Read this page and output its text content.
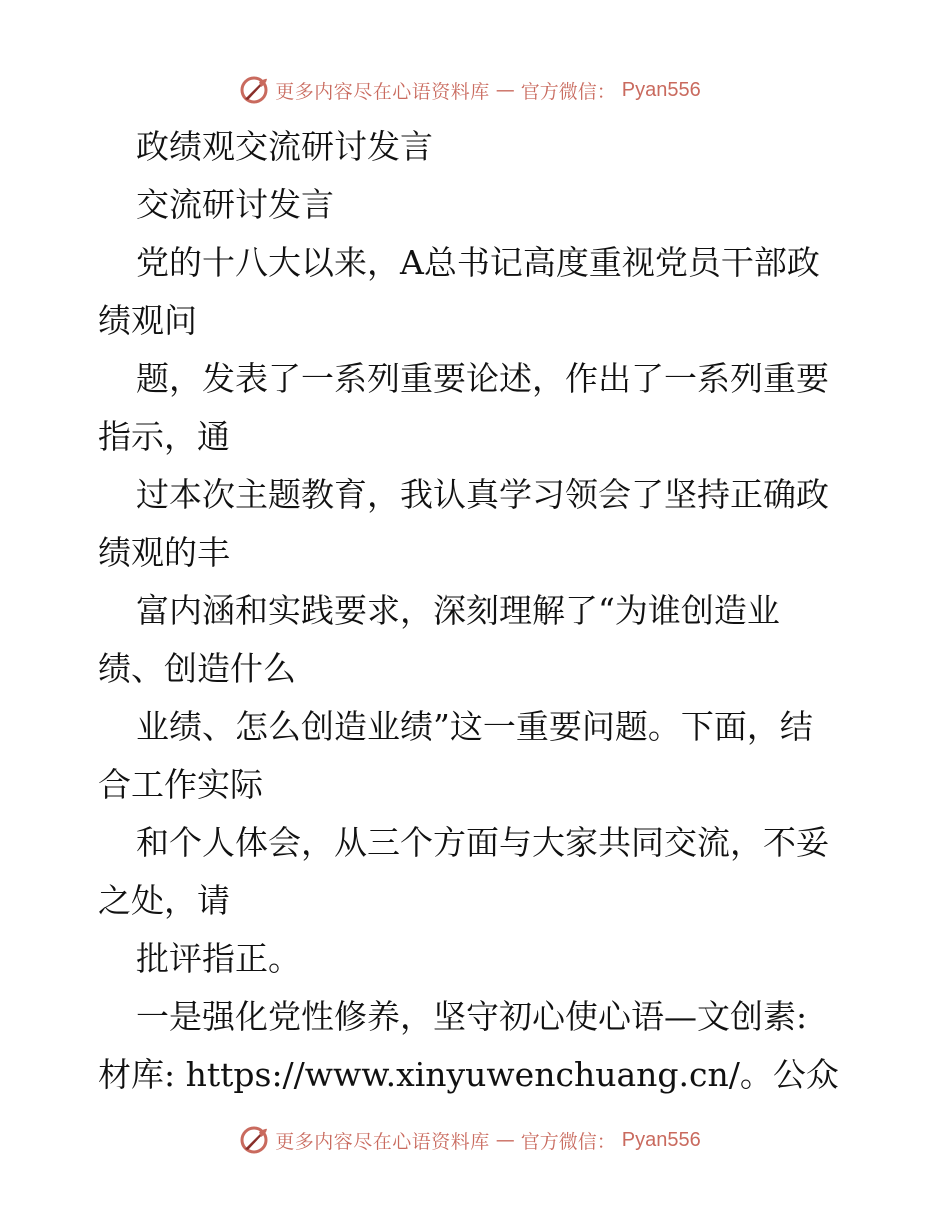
更多内容尽在心语资料库 — 官方微信： Pyan556
政绩观交流研讨发言
交流研讨发言
党的十八大以来，A总书记高度重视党员干部政
绩观问
题，发表了一系列重要论述，作出了一系列重要
指示，通
过本次主题教育，我认真学习领会了坚持正确政
绩观的丰
富内涵和实践要求，深刻理解了“为谁创造业
绩、创造什么
业绩、怎么创造业绩”这一重要问题。下面，结
合工作实际
和个人体会，从三个方面与大家共同交流，不妥
之处，请
批评指正。
一是强化党性修养，坚守初心使心语—文创素:
材库: https://www.xinyuwenchuang.cn/。公众
更多内容尽在心语资料库 — 官方微信： Pyan556
